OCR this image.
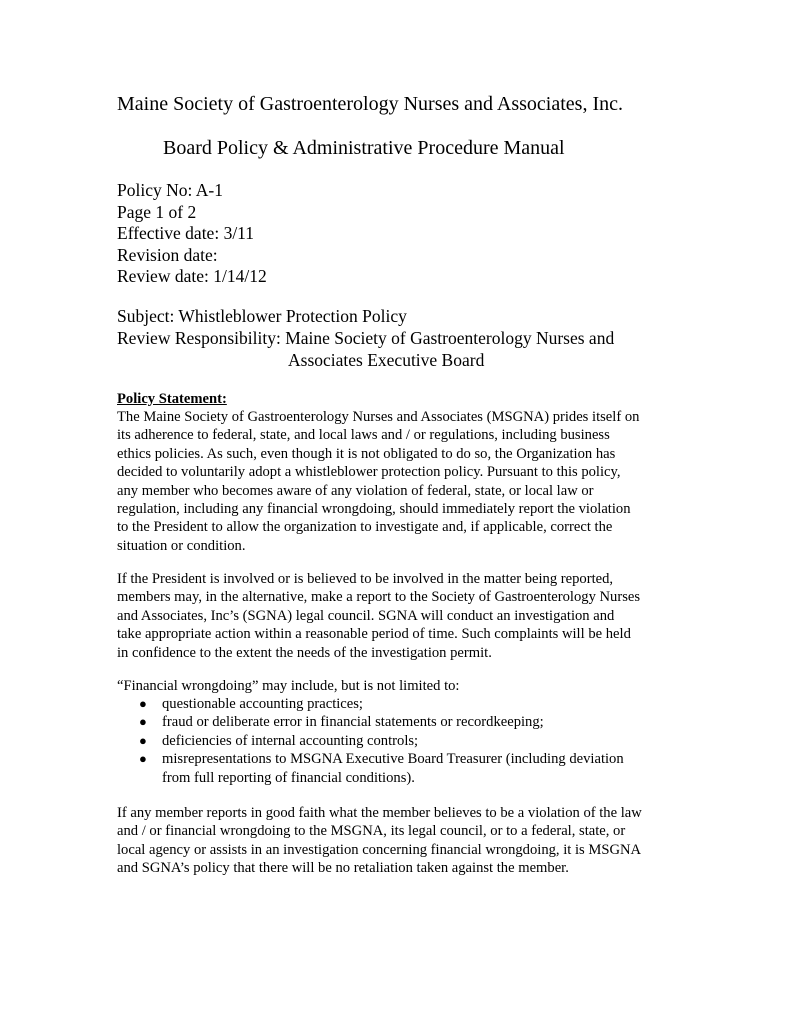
Maine Society of Gastroenterology Nurses and Associates, Inc.
Board Policy & Administrative Procedure Manual
Policy No: A-1
Page 1 of 2
Effective date: 3/11
Revision date:
Review date: 1/14/12
Subject: Whistleblower Protection Policy
Review Responsibility: Maine Society of Gastroenterology Nurses and
Associates Executive Board
Policy Statement:
The Maine Society of Gastroenterology Nurses and Associates (MSGNA) prides itself on
its adherence to federal, state, and local laws and / or regulations, including business
ethics policies. As such, even though it is not obligated to do so, the Organization has
decided to voluntarily adopt a whistleblower protection policy. Pursuant to this policy,
any member who becomes aware of any violation of federal, state, or local law or
regulation, including any financial wrongdoing, should immediately report the violation
to the President to allow the organization to investigate and, if applicable, correct the
situation or condition.
If the President is involved or is believed to be involved in the matter being reported,
members may, in the alternative, make a report to the Society of Gastroenterology Nurses
and Associates, Inc’s (SGNA) legal council. SGNA will conduct an investigation and
take appropriate action within a reasonable period of time. Such complaints will be held
in confidence to the extent the needs of the investigation permit.
“Financial wrongdoing” may include, but is not limited to:
● questionable accounting practices;
● fraud or deliberate error in financial statements or recordkeeping;
● deficiencies of internal accounting controls;
● misrepresentations to MSGNA Executive Board Treasurer (including deviation
from full reporting of financial conditions).
If any member reports in good faith what the member believes to be a violation of the law
and / or financial wrongdoing to the MSGNA, its legal council, or to a federal, state, or
local agency or assists in an investigation concerning financial wrongdoing, it is MSGNA
and SGNA’s policy that there will be no retaliation taken against the member.
